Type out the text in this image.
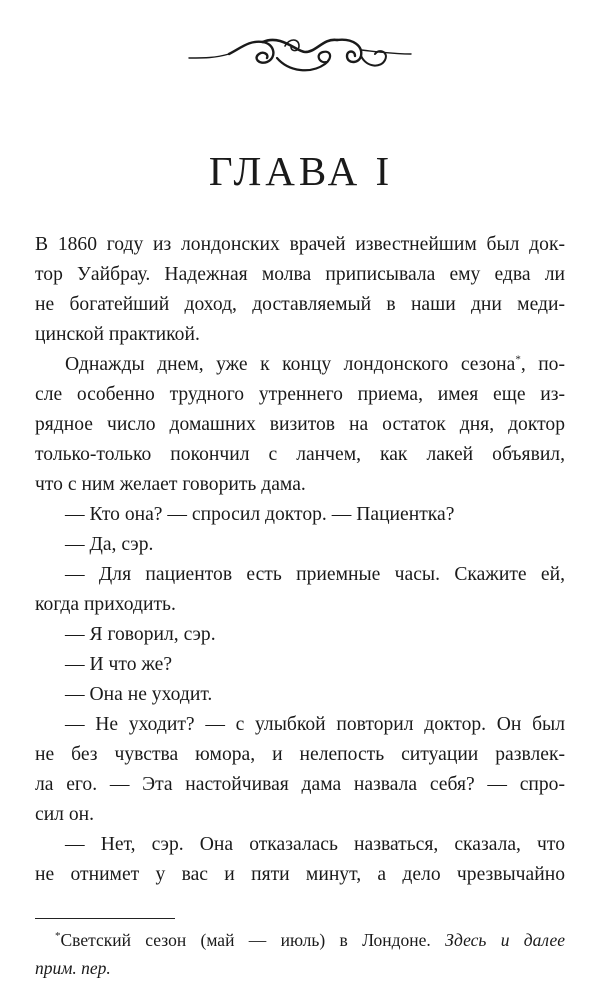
ГЛАВА I
В 1860 году из лондонских врачей известнейшим был док-
тор Уайбрау. Надежная молва приписывала ему едва ли
не богатейший доход, доставляемый в наши дни меди-
цинской практикой.
Однажды днем, уже к концу лондонского сезона*, по-
сле особенно трудного утреннего приема, имея еще из-
рядное число домашних визитов на остаток дня, доктор
только-только покончил с ланчем, как лакей объявил,
что с ним желает говорить дама.
— Кто она? — спросил доктор. — Пациентка?
— Да, сэр.
— Для пациентов есть приемные часы. Скажите ей,
когда приходить.
— Я говорил, сэр.
— И что же?
— Она не уходит.
— Не уходит? — с улыбкой повторил доктор. Он был
не без чувства юмора, и нелепость ситуации развлек-
ла его. — Эта настойчивая дама назвала себя? — спро-
сил он.
— Нет, сэр. Она отказалась назваться, сказала, что
не отнимет у вас и пяти минут, а дело чрезвычайно
*Светский сезон (май — июль) в Лондоне. Здесь и далее
прим. пер.
